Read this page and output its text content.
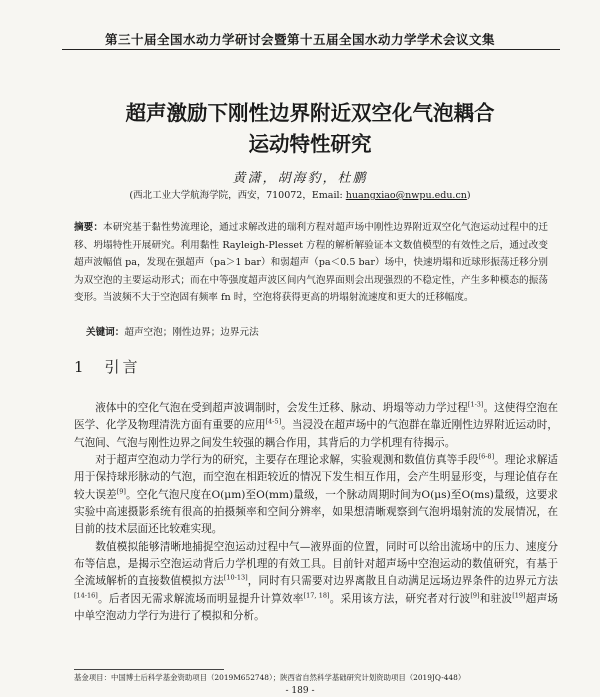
第三十届全国水动力学研讨会暨第十五届全国水动力学学术会议文集
超声激励下刚性边界附近双空化气泡耦合
运动特性研究
黄潇，胡海豹，杜鹏
(西北工业大学航海学院，西安，710072，Email: huangxiao@nwpu.edu.cn)
摘要：本研究基于黏性势流理论，通过求解改进的瑞利方程对超声场中刚性边界附近双空化气泡运动过程中的迁移、坍塌特性开展研究。利用黏性 Rayleigh-Plesset 方程的解析解验证本文数值模型的有效性之后，通过改变超声波幅值 pa，发现在强超声（pa＞1 bar）和弱超声（pa＜0.5 bar）场中，快速坍塌和近球形振荡迁移分别为双空泡的主要运动形式；而在中等强度超声波区间内气泡界面则会出现强烈的不稳定性，产生多种模态的振荡变形。当波频不大于空泡固有频率 fn 时，空泡将获得更高的坍塌射流速度和更大的迁移幅度。
关键词：超声空泡；刚性边界；边界元法
1　引言

液体中的空化气泡在受到超声波调制时，会发生迁移、脉动、坍塌等动力学过程[1-3]。这使得空泡在医学、化学及物理清洗方面有重要的应用[4-5]。当浸没在超声场中的气泡群在靠近刚性边界附近运动时，气泡间、气泡与刚性边界之间发生较强的耦合作用，其背后的力学机理有待揭示。

对于超声空泡动力学行为的研究，主要存在理论求解，实验观测和数值仿真等手段[6-8]。理论求解适用于保持球形脉动的气泡，而空泡在相距较近的情况下发生相互作用，会产生明显形变，与理论值存在较大误差[9]。空化气泡尺度在O(μm)至O(mm)量级，一个脉动周期时间为O(μs)至O(ms)量级，这要求实验中高速摄影系统有很高的拍摄频率和空间分辨率，如果想清晰观察到气泡坍塌射流的发展情况，在目前的技术层面还比较难实现。

数值模拟能够清晰地捕捉空泡运动过程中气—液界面的位置，同时可以给出流场中的压力、速度分布等信息，是揭示空泡运动背后力学机理的有效工具。目前针对超声场中空泡运动的数值研究，有基于全流域解析的直接数值模拟方法[10-13]，同时有只需要对边界离散且自动满足远场边界条件的边界元方法[14-16]。后者因无需求解流场而明显提升计算效率[17, 18]。采用该方法，研究者对行波[9]和驻波[19]超声场中单空泡动力学行为进行了模拟和分析。

基金项目：中国博士后科学基金资助项目（2019M652748）；陕西省自然科学基础研究计划资助项目（2019JQ-448）
- 189 -
